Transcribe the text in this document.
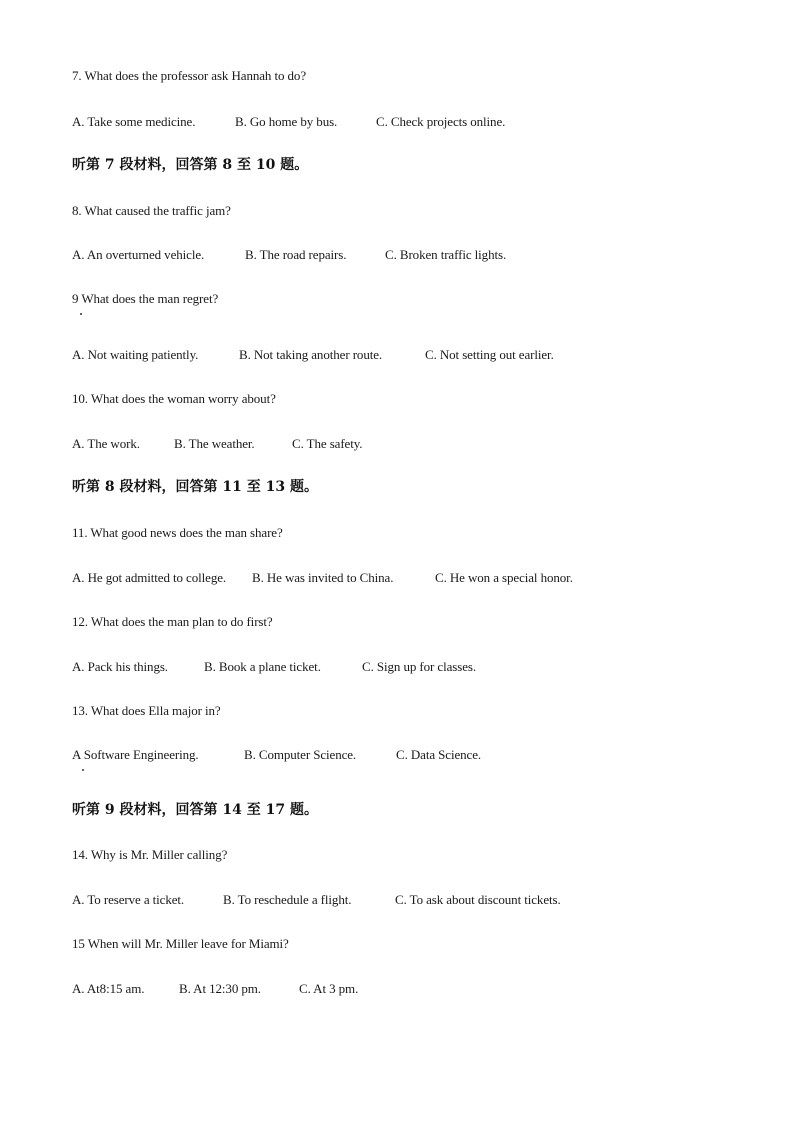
7. What does the professor ask Hannah to do?
A. Take some medicine.	B. Go home by bus.	C. Check projects online.
听第 7 段材料，回答第 8 至 10 题。
8. What caused the traffic jam?
A. An overturned vehicle.	B. The road repairs.	C. Broken traffic lights.
9 What does the man regret?
A. Not waiting patiently.	B. Not taking another route.	C. Not setting out earlier.
10. What does the woman worry about?
A. The work.	B. The weather.	C. The safety.
听第 8 段材料，回答第 11 至 13 题。
11. What good news does the man share?
A. He got admitted to college. B. He was invited to China.	C. He won a special honor.
12. What does the man plan to do first?
A. Pack his things.	B. Book a plane ticket.	C. Sign up for classes.
13. What does Ella major in?
A Software Engineering.	B. Computer Science.	C. Data Science.
听第 9 段材料，回答第 14 至 17 题。
14. Why is Mr. Miller calling?
A. To reserve a ticket.	B. To reschedule a flight.	C. To ask about discount tickets.
15 When will Mr. Miller leave for Miami?
A. At8:15 am.	B. At 12:30 pm.	C. At 3 pm.
